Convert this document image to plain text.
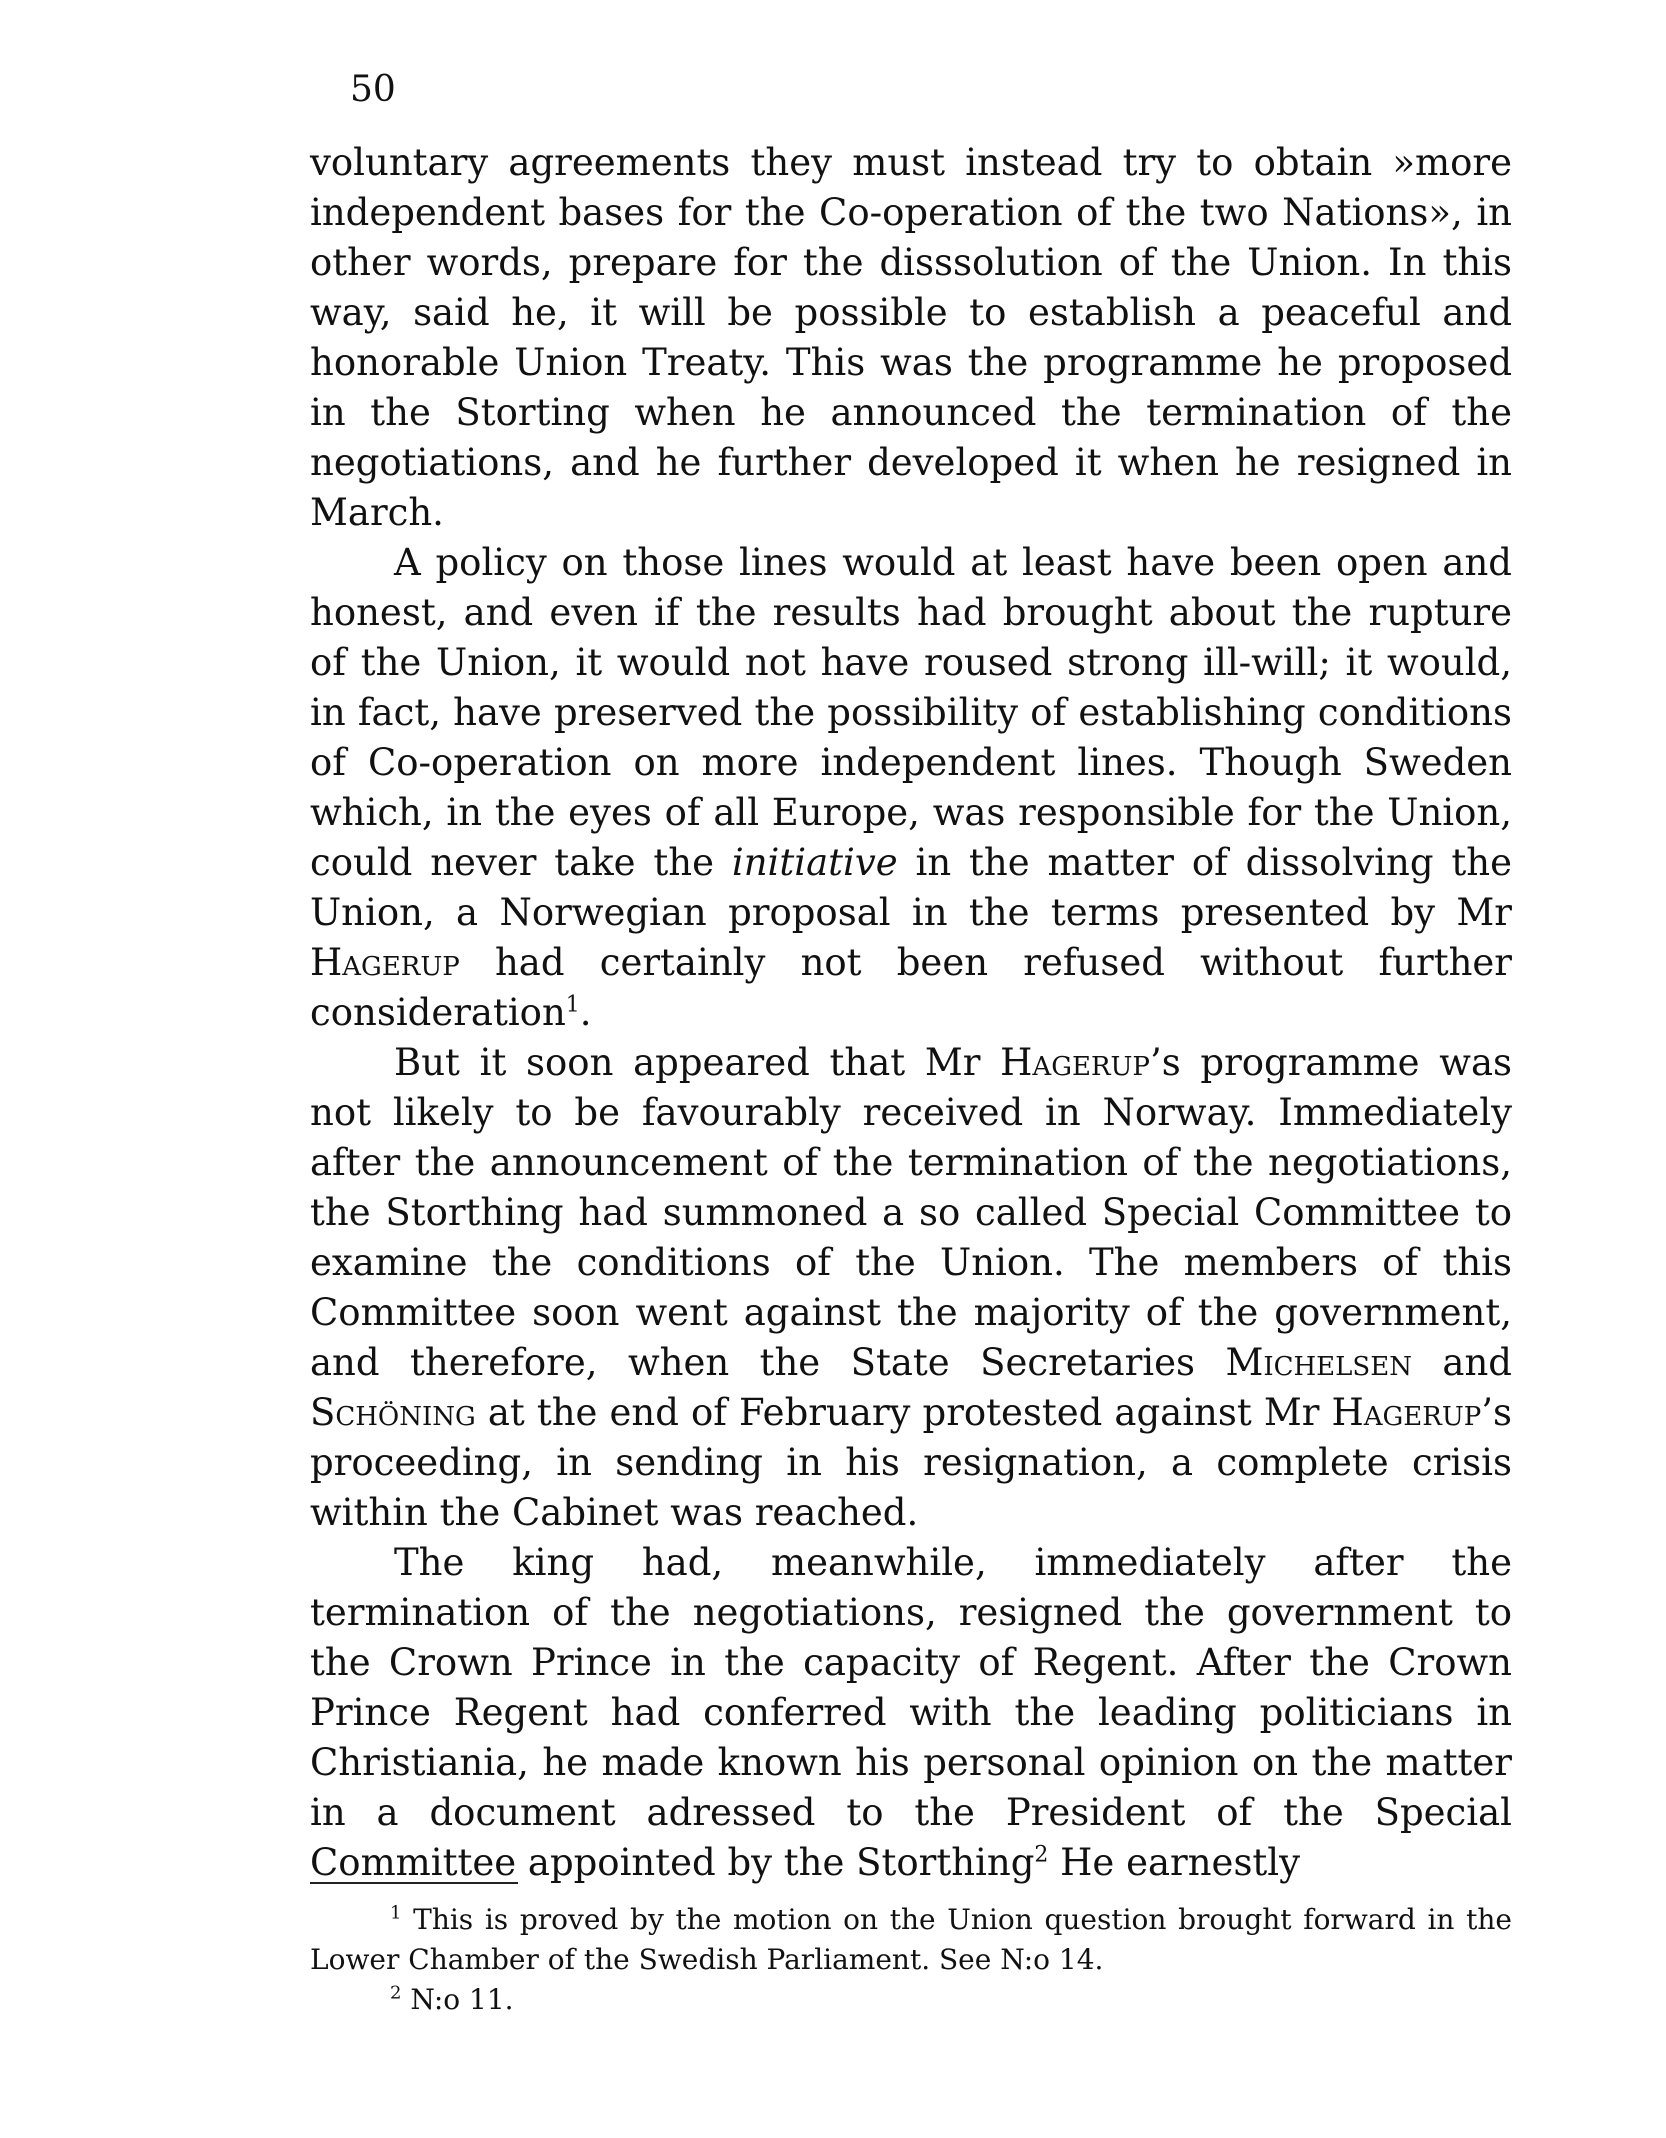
50

voluntary agreements they must instead try to obtain »more independent bases for the Co-operation of the two Nations», in other words, prepare for the disssolution of the Union. In this way, said he, it will be possible to establish a peaceful and honorable Union Treaty. This was the programme he proposed in the Storting when he announced the termination of the negotiations, and he further developed it when he resigned in March.

A policy on those lines would at least have been open and honest, and even if the results had brought about the rupture of the Union, it would not have roused strong ill-will; it would, in fact, have preserved the possibility of establishing conditions of Co-operation on more independent lines. Though Sweden which, in the eyes of all Europe, was responsible for the Union, could never take the initiative in the matter of dissolving the Union, a Norwegian proposal in the terms presented by Mr Hagerup had certainly not been refused without further consideration$^1$.

But it soon appeared that Mr Hagerup’s programme was not likely to be favourably received in Norway. Immediately after the announcement of the termination of the negotiations, the Storthing had summoned a so called Special Committee to examine the conditions of the Union. The members of this Committee soon went against the majority of the government, and therefore, when the State Secretaries Michelsen and Schöning at the end of February protested against Mr Hagerup’s proceeding, in sending in his resignation, a complete crisis within the Cabinet was reached.

The king had, meanwhile, immediately after the termination of the negotiations, resigned the government to the Crown Prince in the capacity of Regent. After the Crown Prince Regent had conferred with the leading politicians in Christiania, he made known his personal opinion on the matter in a document adressed to the President of the Special Committee appointed by the Storthing$^2$ He earnestly

$^1$ This is proved by the motion on the Union question brought forward in the Lower Chamber of the Swedish Parliament. See N:o 14.

$^2$ N:o 11.
